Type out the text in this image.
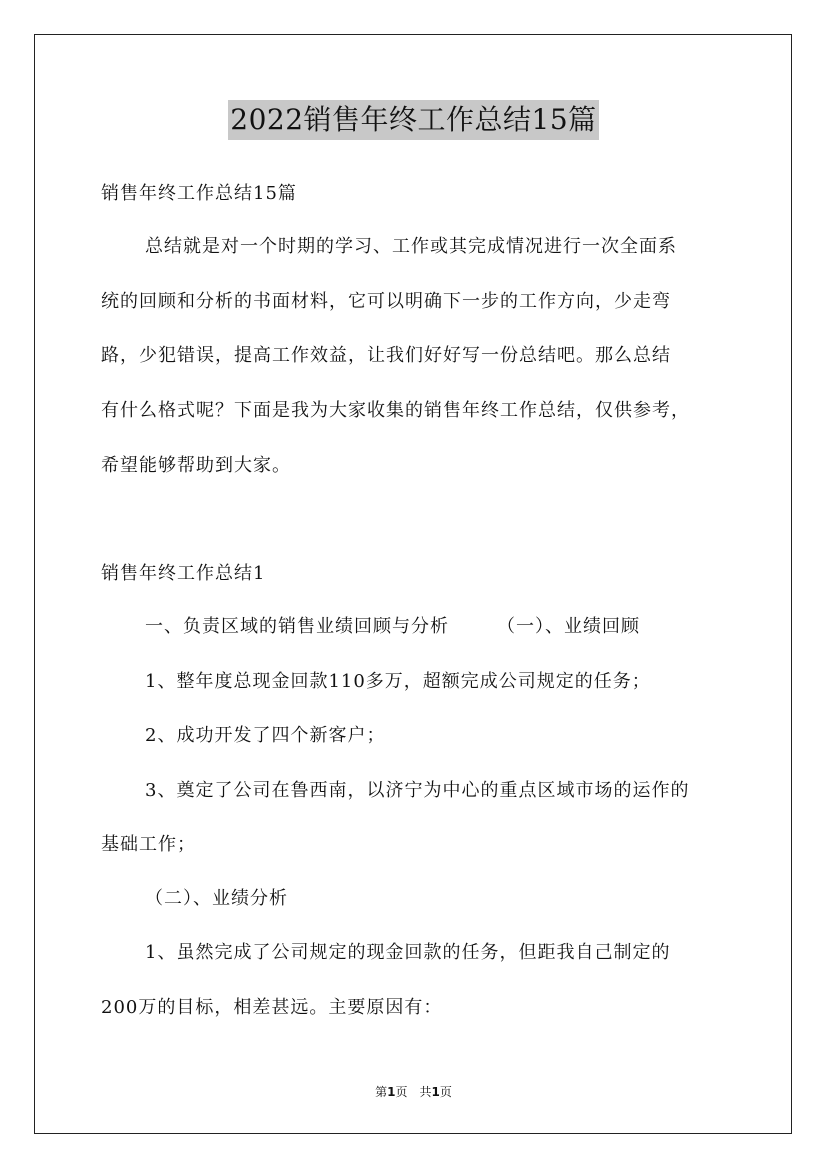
2022销售年终工作总结15篇
销售年终工作总结15篇
总结就是对一个时期的学习、工作或其完成情况进行一次全面系
统的回顾和分析的书面材料，它可以明确下一步的工作方向，少走弯
路，少犯错误，提高工作效益，让我们好好写一份总结吧。那么总结
有什么格式呢？下面是我为大家收集的销售年终工作总结，仅供参考，
希望能够帮助到大家。
销售年终工作总结1
一、负责区域的销售业绩回顾与分析	（一）、业绩回顾
1、整年度总现金回款110多万，超额完成公司规定的任务；
2、成功开发了四个新客户；
3、奠定了公司在鲁西南，以济宁为中心的重点区域市场的运作的
基础工作；
（二）、业绩分析
1、虽然完成了公司规定的现金回款的任务，但距我自己制定的
200万的目标，相差甚远。主要原因有：
第1页　共1页
